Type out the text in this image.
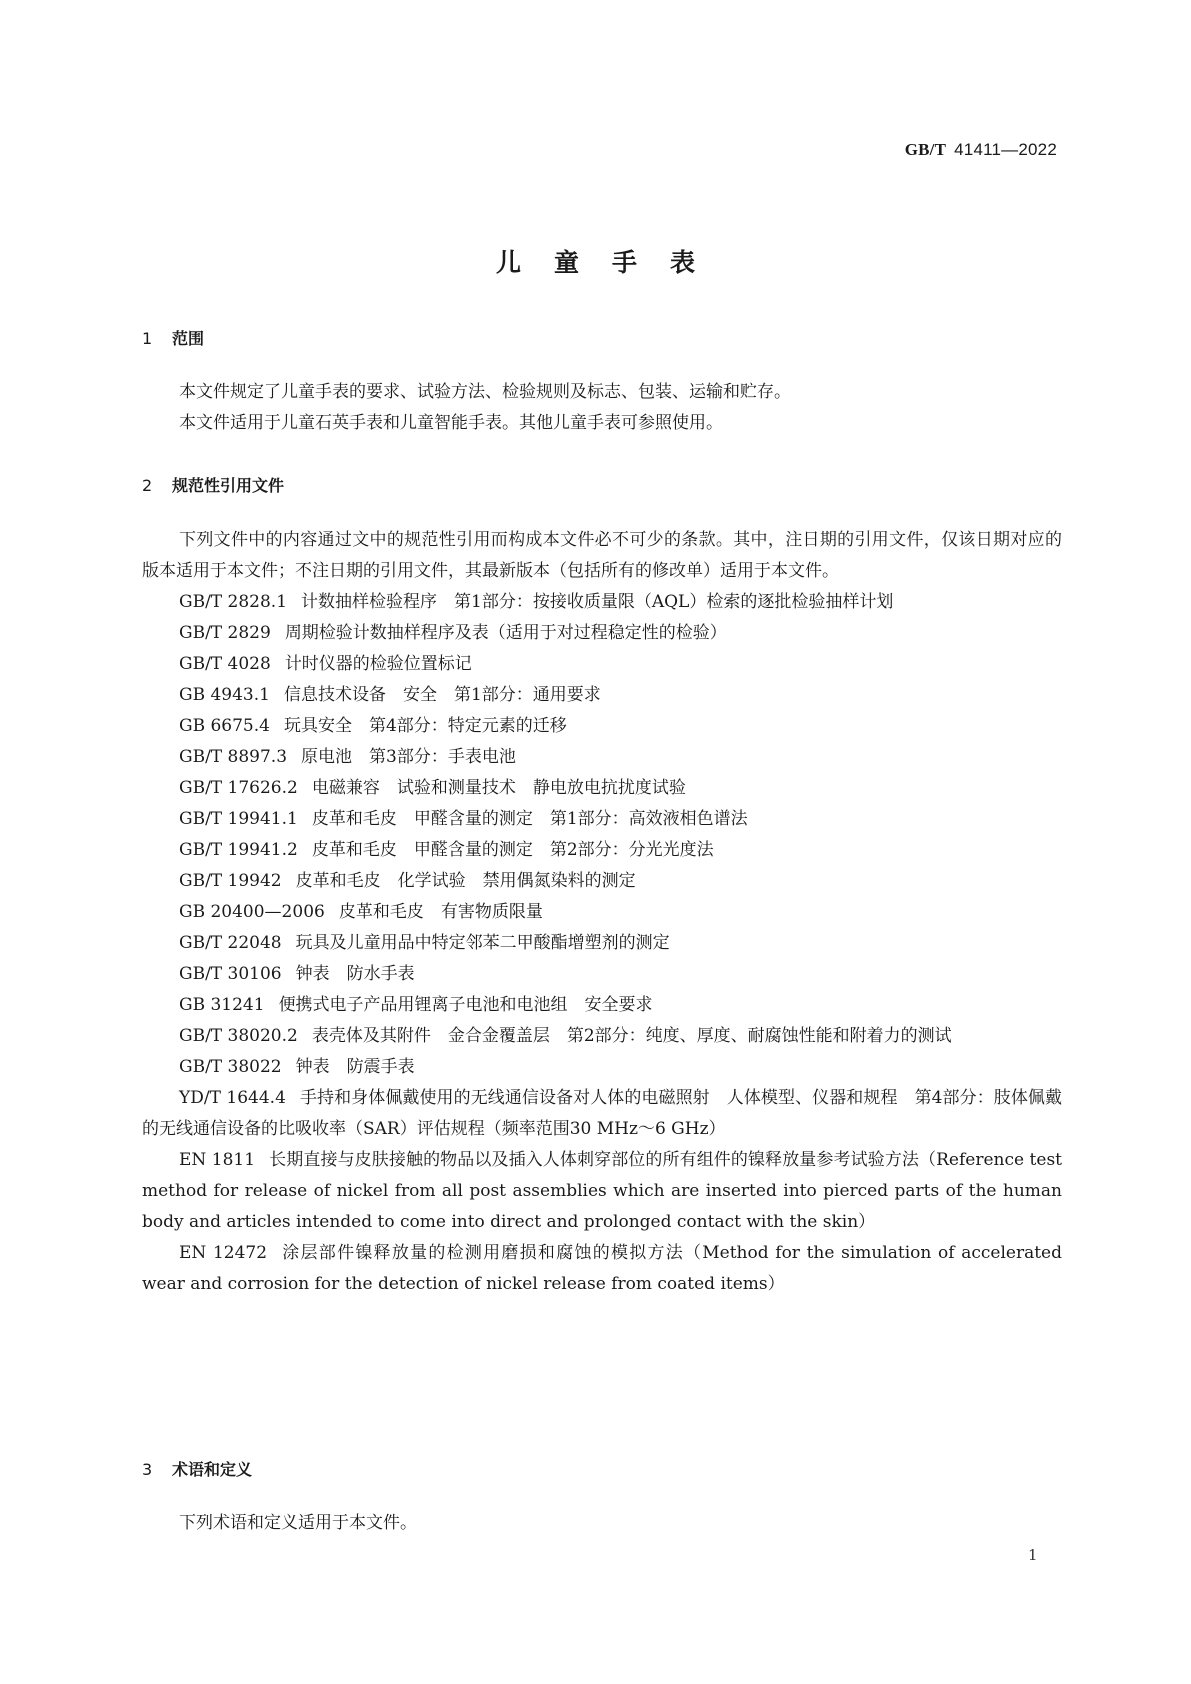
GB/T 41411—2022
儿童手表
1 范围

本文件规定了儿童手表的要求、试验方法、检验规则及标志、包装、运输和贮存。

本文件适用于儿童石英手表和儿童智能手表。其他儿童手表可参照使用。

2 规范性引用文件

下列文件中的内容通过文中的规范性引用而构成本文件必不可少的条款。其中，注日期的引用文件，仅该日期对应的版本适用于本文件；不注日期的引用文件，其最新版本（包括所有的修改单）适用于本文件。

GB/T 2828.1 计数抽样检验程序　第1部分：按接收质量限（AQL）检索的逐批检验抽样计划

GB/T 2829 周期检验计数抽样程序及表（适用于对过程稳定性的检验）

GB/T 4028 计时仪器的检验位置标记

GB 4943.1 信息技术设备　安全　第1部分：通用要求

GB 6675.4 玩具安全　第4部分：特定元素的迁移

GB/T 8897.3 原电池　第3部分：手表电池

GB/T 17626.2 电磁兼容　试验和测量技术　静电放电抗扰度试验

GB/T 19941.1 皮革和毛皮　甲醛含量的测定　第1部分：高效液相色谱法

GB/T 19941.2 皮革和毛皮　甲醛含量的测定　第2部分：分光光度法

GB/T 19942 皮革和毛皮　化学试验　禁用偶氮染料的测定

GB 20400—2006 皮革和毛皮　有害物质限量

GB/T 22048 玩具及儿童用品中特定邻苯二甲酸酯增塑剂的测定

GB/T 30106 钟表　防水手表

GB 31241 便携式电子产品用锂离子电池和电池组　安全要求

GB/T 38020.2 表壳体及其附件　金合金覆盖层　第2部分：纯度、厚度、耐腐蚀性能和附着力的测试

GB/T 38022 钟表　防震手表

YD/T 1644.4 手持和身体佩戴使用的无线通信设备对人体的电磁照射　人体模型、仪器和规程　第4部分：肢体佩戴的无线通信设备的比吸收率（SAR）评估规程（频率范围30 MHz～6 GHz）

EN 1811 长期直接与皮肤接触的物品以及插入人体刺穿部位的所有组件的镍释放量参考试验方法（Reference test method for release of nickel from all post assemblies which are inserted into pierced parts of the human body and articles intended to come into direct and prolonged contact with the skin）

EN 12472 涂层部件镍释放量的检测用磨损和腐蚀的模拟方法（Method for the simulation of accelerated wear and corrosion for the detection of nickel release from coated items）

3 术语和定义

下列术语和定义适用于本文件。

1
